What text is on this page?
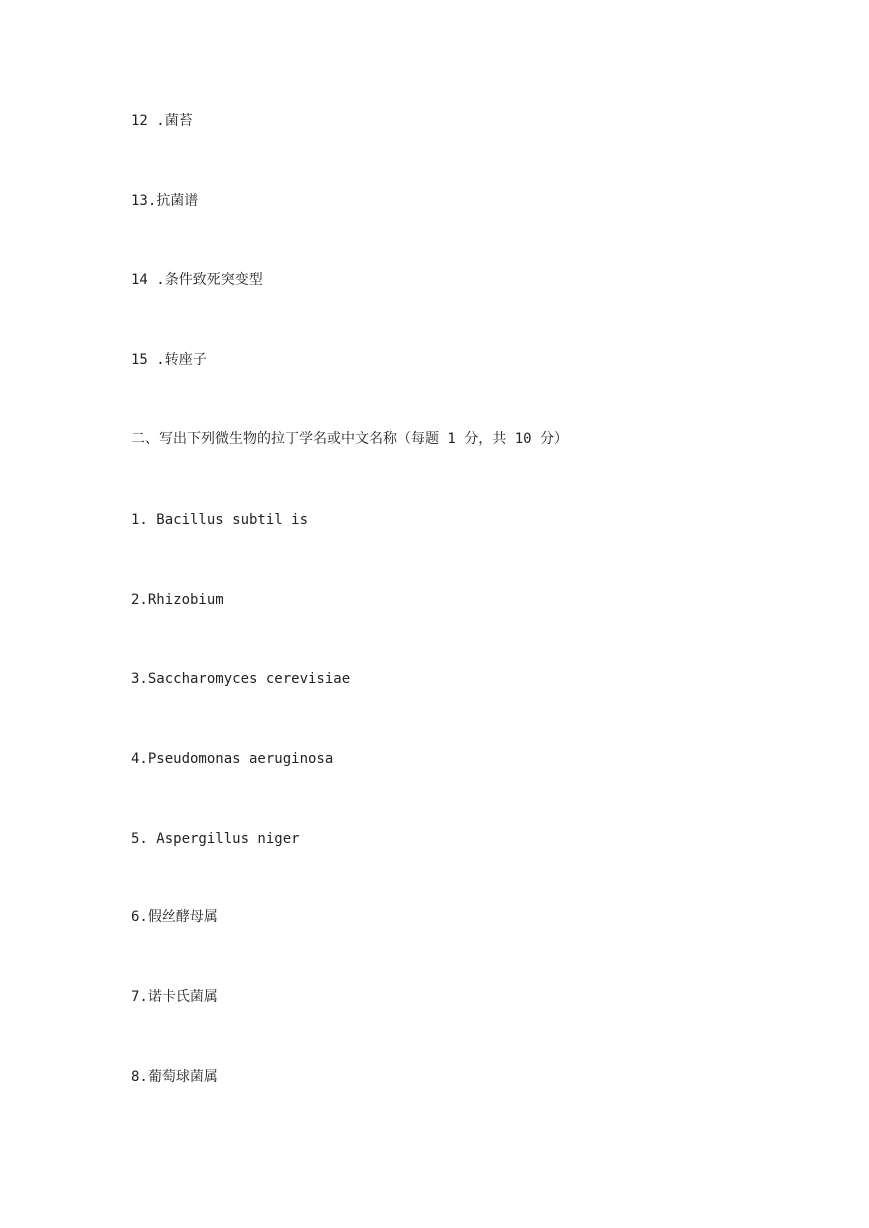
12 .菌苔
13.抗菌谱
14 .条件致死突变型
15 .转座子
二、写出下列微生物的拉丁学名或中文名称（每题 1 分，共 10 分）
1. Bacillus subtil is
2.Rhizobium
3.Saccharomyces cerevisiae
4.Pseudomonas aeruginosa
5. Aspergillus niger
6.假丝酵母属
7.诺卡氏菌属
8.葡萄球菌属
